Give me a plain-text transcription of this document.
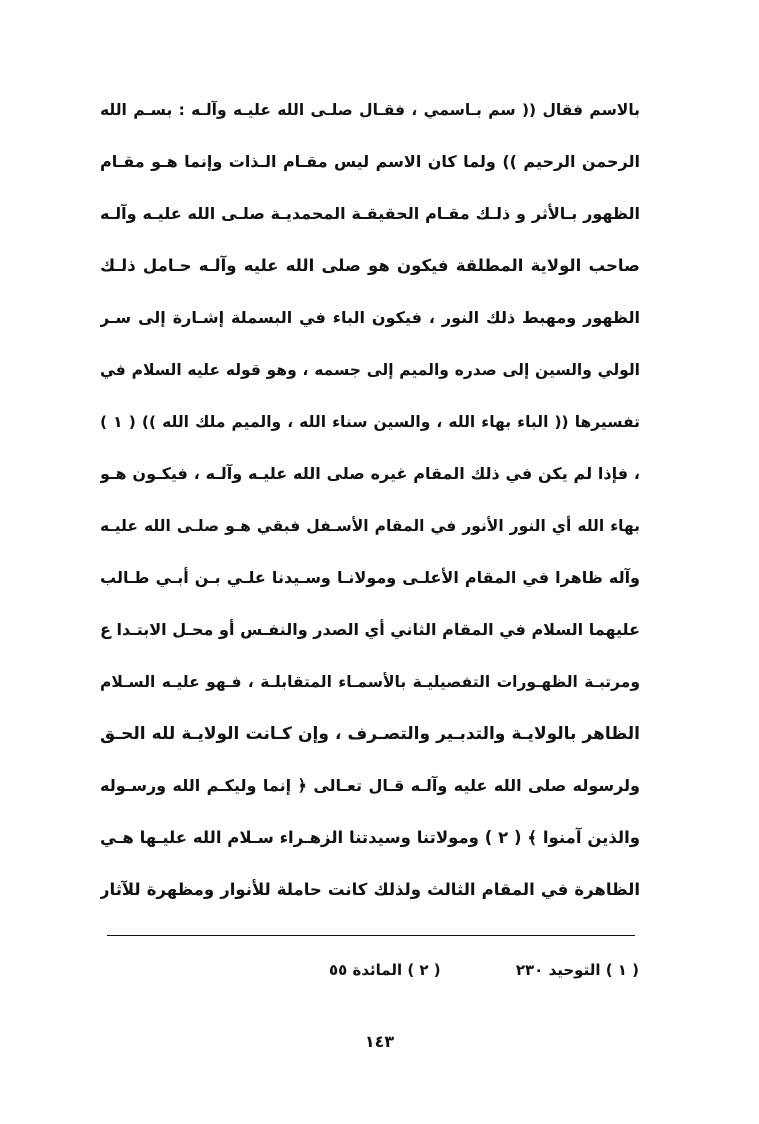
بالاسم فقال (( سم بـاسمي ، فقـال صلـى الله عليـه وآلـه : بسـم الله
الرحمن الرحيم )) ولما كان الاسم ليس مقـام الـذات وإنما هـو مقـام
الظهور بـالأثر و ذلـك مقـام الحقيقـة المحمديـة صلـى الله عليـه وآلـه
صاحب الولاية المطلقة فيكون هو صلى الله عليه وآلـه حـامل ذلـك
الظهور ومهبط ذلك النور ، فيكون الباء في البسملة إشـارة إلى سـر
الولي والسين إلى صدره والميم إلى جسمه ، وهو قوله عليه السلام في
تفسيرها (( الباء بهاء الله ، والسين سناء الله ، والميم ملك الله )) ( ١ )
، فإذا لم يكن في ذلك المقام غيره صلى الله عليـه وآلـه ، فيكـون هـو
بهاء الله أي النور الأنور في المقام الأسـفل فبقي هـو صلـى الله عليـه
وآله ظاهرا في المقام الأعلـى ومولانـا وسـيدنا علـي بـن أبـي طـالب
عليهما السلام في المقام الثاني أي الصدر والنفـس أو محـل الابتـدا ع
ومرتبـة الظهـورات التفصيليـة بالأسمـاء المتقابلـة ، فـهو عليـه السـلام
الظاهر بالولايـة والتدبـير والتصـرف ، وإن كـانت الولايـة لله الحـق
ولرسوله صلى الله عليه وآلـه قـال تعـالى ﴿ إنما وليكـم الله ورسـوله
والذين آمنوا ﴾ ( ٢ ) ومولاتنا وسيدتنا الزهـراء سـلام الله عليـها هـي
الظاهرة في المقام الثالث ولذلك كانت حاملة للأنوار ومظهرة للآثار
( ١ ) التوحيد ٢٣٠ ( ٢ ) المائدة ٥٥
١٤٣
